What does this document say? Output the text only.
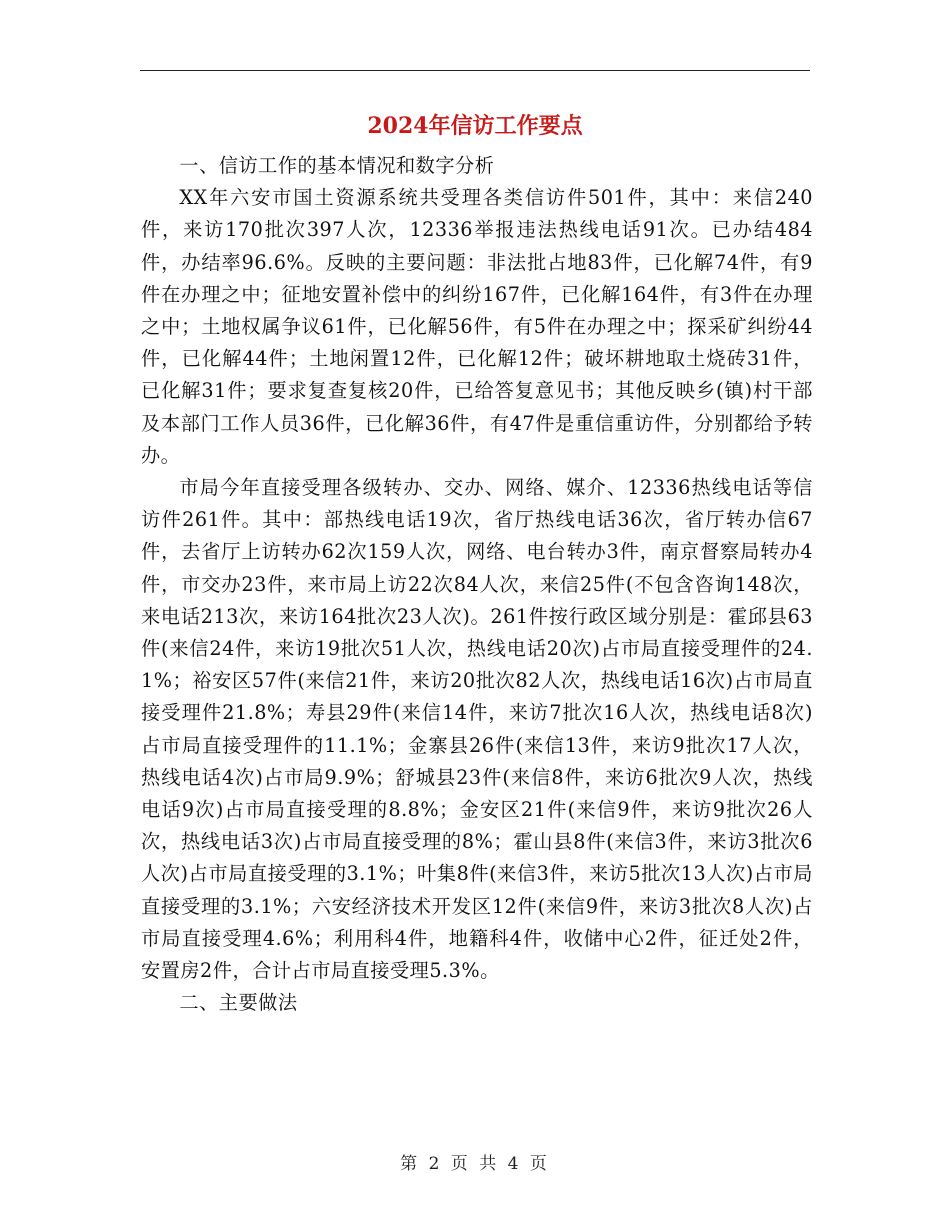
2024年信访工作要点

一、信访工作的基本情况和数字分析

XX年六安市国土资源系统共受理各类信访件501件，其中：来信240件，来访170批次397人次，12336举报违法热线电话91次。已办结484件，办结率96.6%。反映的主要问题：非法批占地83件，已化解74件，有9件在办理之中；征地安置补偿中的纠纷167件，已化解164件，有3件在办理之中；土地权属争议61件，已化解56件，有5件在办理之中；探采矿纠纷44件，已化解44件；土地闲置12件，已化解12件；破坏耕地取土烧砖31件，已化解31件；要求复查复核20件，已给答复意见书；其他反映乡(镇)村干部及本部门工作人员36件，已化解36件，有47件是重信重访件，分别都给予转办。

市局今年直接受理各级转办、交办、网络、媒介、12336热线电话等信访件261件。其中：部热线电话19次，省厅热线电话36次，省厅转办信67件，去省厅上访转办62次159人次，网络、电台转办3件，南京督察局转办4件，市交办23件，来市局上访22次84人次，来信25件(不包含咨询148次，来电话213次，来访164批次23人次)。261件按行政区域分别是：霍邱县63件(来信24件，来访19批次51人次，热线电话20次)占市局直接受理件的24.1%；裕安区57件(来信21件，来访20批次82人次，热线电话16次)占市局直接受理件21.8%；寿县29件(来信14件，来访7批次16人次，热线电话8次)占市局直接受理件的11.1%；金寨县26件(来信13件，来访9批次17人次，热线电话4次)占市局9.9%；舒城县23件(来信8件，来访6批次9人次，热线电话9次)占市局直接受理的8.8%；金安区21件(来信9件，来访9批次26人次，热线电话3次)占市局直接受理的8%；霍山县8件(来信3件，来访3批次6人次)占市局直接受理的3.1%；叶集8件(来信3件，来访5批次13人次)占市局直接受理的3.1%；六安经济技术开发区12件(来信9件，来访3批次8人次)占市局直接受理4.6%；利用科4件，地籍科4件，收储中心2件，征迁处2件，安置房2件，合计占市局直接受理5.3%。

二、主要做法

第 2 页 共 4 页
